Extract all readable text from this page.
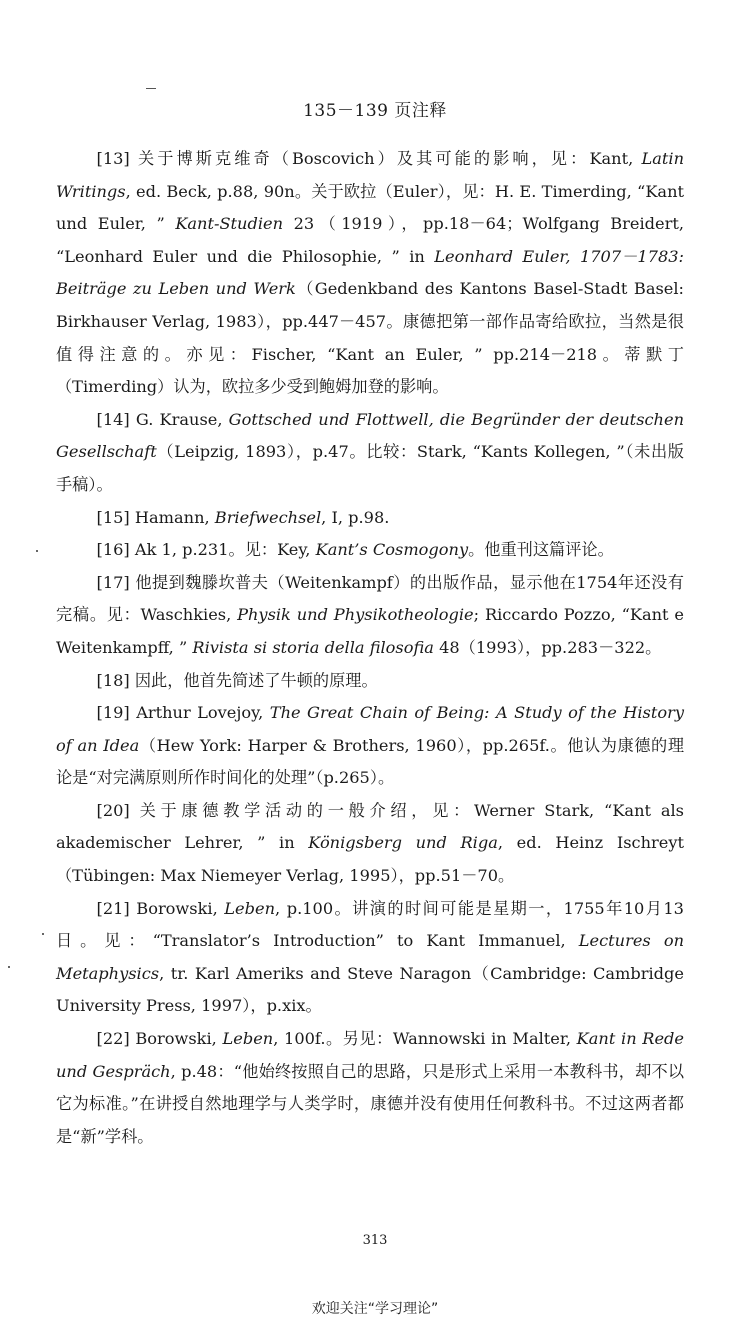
135－139 页注释

[13] 关于博斯克维奇（Boscovich）及其可能的影响，见：Kant, Latin Writings, ed. Beck, p.88, 90n。关于欧拉（Euler），见：H. E. Timerding, “Kant und Euler, ” Kant-Studien 23（1919），pp.18－64；Wolfgang Breidert, “Leonhard Euler und die Philosophie, ” in Leonhard Euler, 1707－1783: Beiträge zu Leben und Werk（Gedenkband des Kantons Basel-Stadt Basel: Birkhauser Verlag, 1983），pp.447－457。康德把第一部作品寄给欧拉，当然是很值得注意的。亦见：Fischer, “Kant an Euler, ” pp.214－218。蒂默丁（Timerding）认为，欧拉多少受到鲍姆加登的影响。

[14] G. Krause, Gottsched und Flottwell, die Begründer der deutschen Gesellschaft（Leipzig, 1893），p.47。比较：Stark, “Kants Kollegen, ”（未出版手稿）。

[15] Hamann, Briefwechsel, I, p.98.

[16] Ak 1, p.231。见：Key, Kant’s Cosmogony。他重刊这篇评论。

[17] 他提到魏滕坎普夫（Weitenkampf）的出版作品，显示他在1754年还没有完稿。见：Waschkies, Physik und Physikotheologie; Riccardo Pozzo, “Kant e Weitenkampff, ” Rivista si storia della filosofia 48（1993），pp.283－322。

[18] 因此，他首先简述了牛顿的原理。

[19] Arthur Lovejoy, The Great Chain of Being: A Study of the History of an Idea（Hew York: Harper & Brothers, 1960），pp.265f.。他认为康德的理论是“对完满原则所作时间化的处理”（p.265）。

[20] 关于康德教学活动的一般介绍，见：Werner Stark, “Kant als akademischer Lehrer, ” in Königsberg und Riga, ed. Heinz Ischreyt（Tübingen: Max Niemeyer Verlag, 1995），pp.51－70。

[21] Borowski, Leben, p.100。讲演的时间可能是星期一，1755年10月13日。见：“Translator’s Introduction” to Kant Immanuel, Lectures on Metaphysics, tr. Karl Ameriks and Steve Naragon（Cambridge: Cambridge University Press, 1997），p.xix。

[22] Borowski, Leben, 100f.。另见：Wannowski in Malter, Kant in Rede und Gespräch, p.48：“他始终按照自己的思路，只是形式上采用一本教科书，却不以它为标准。”在讲授自然地理学与人类学时，康德并没有使用任何教科书。不过这两者都是“新”学科。

313
欢迎关注“学习理论”
